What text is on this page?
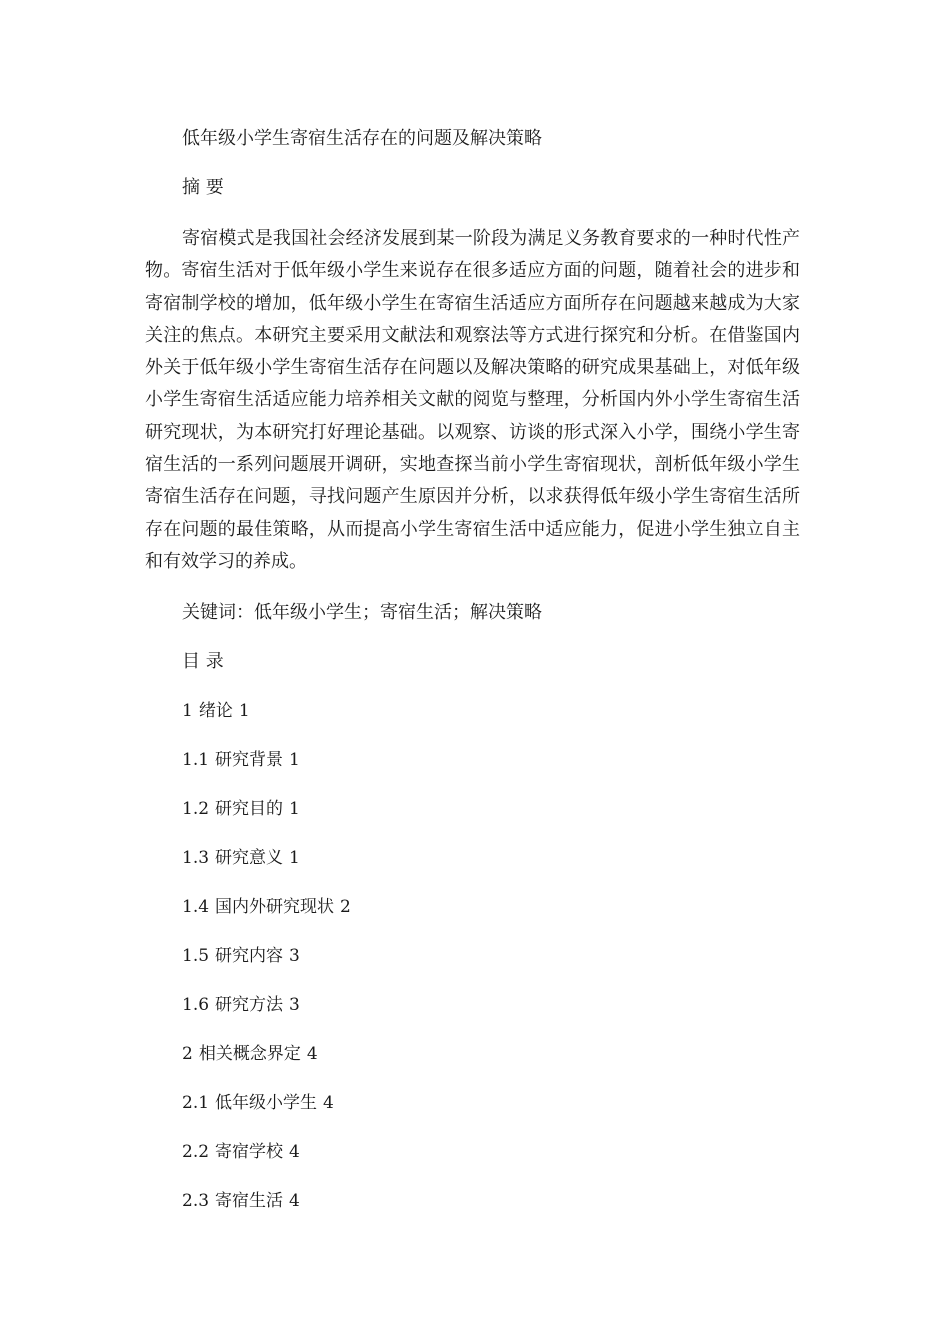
低年级小学生寄宿生活存在的问题及解决策略

摘 要

寄宿模式是我国社会经济发展到某一阶段为满足义务教育要求的一种时代性产物。寄宿生活对于低年级小学生来说存在很多适应方面的问题，随着社会的进步和寄宿制学校的增加，低年级小学生在寄宿生活适应方面所存在问题越来越成为大家关注的焦点。本研究主要采用文献法和观察法等方式进行探究和分析。在借鉴国内外关于低年级小学生寄宿生活存在问题以及解决策略的研究成果基础上，对低年级小学生寄宿生活适应能力培养相关文献的阅览与整理，分析国内外小学生寄宿生活研究现状，为本研究打好理论基础。以观察、访谈的形式深入小学，围绕小学生寄宿生活的一系列问题展开调研，实地查探当前小学生寄宿现状，剖析低年级小学生寄宿生活存在问题，寻找问题产生原因并分析，以求获得低年级小学生寄宿生活所存在问题的最佳策略，从而提高小学生寄宿生活中适应能力，促进小学生独立自主和有效学习的养成。

关键词：低年级小学生；寄宿生活；解决策略

目 录

1 绪论 1
1.1 研究背景 1
1.2 研究目的 1
1.3 研究意义 1
1.4 国内外研究现状 2
1.5 研究内容 3
1.6 研究方法 3
2 相关概念界定 4
2.1 低年级小学生 4
2.2 寄宿学校 4
2.3 寄宿生活 4
